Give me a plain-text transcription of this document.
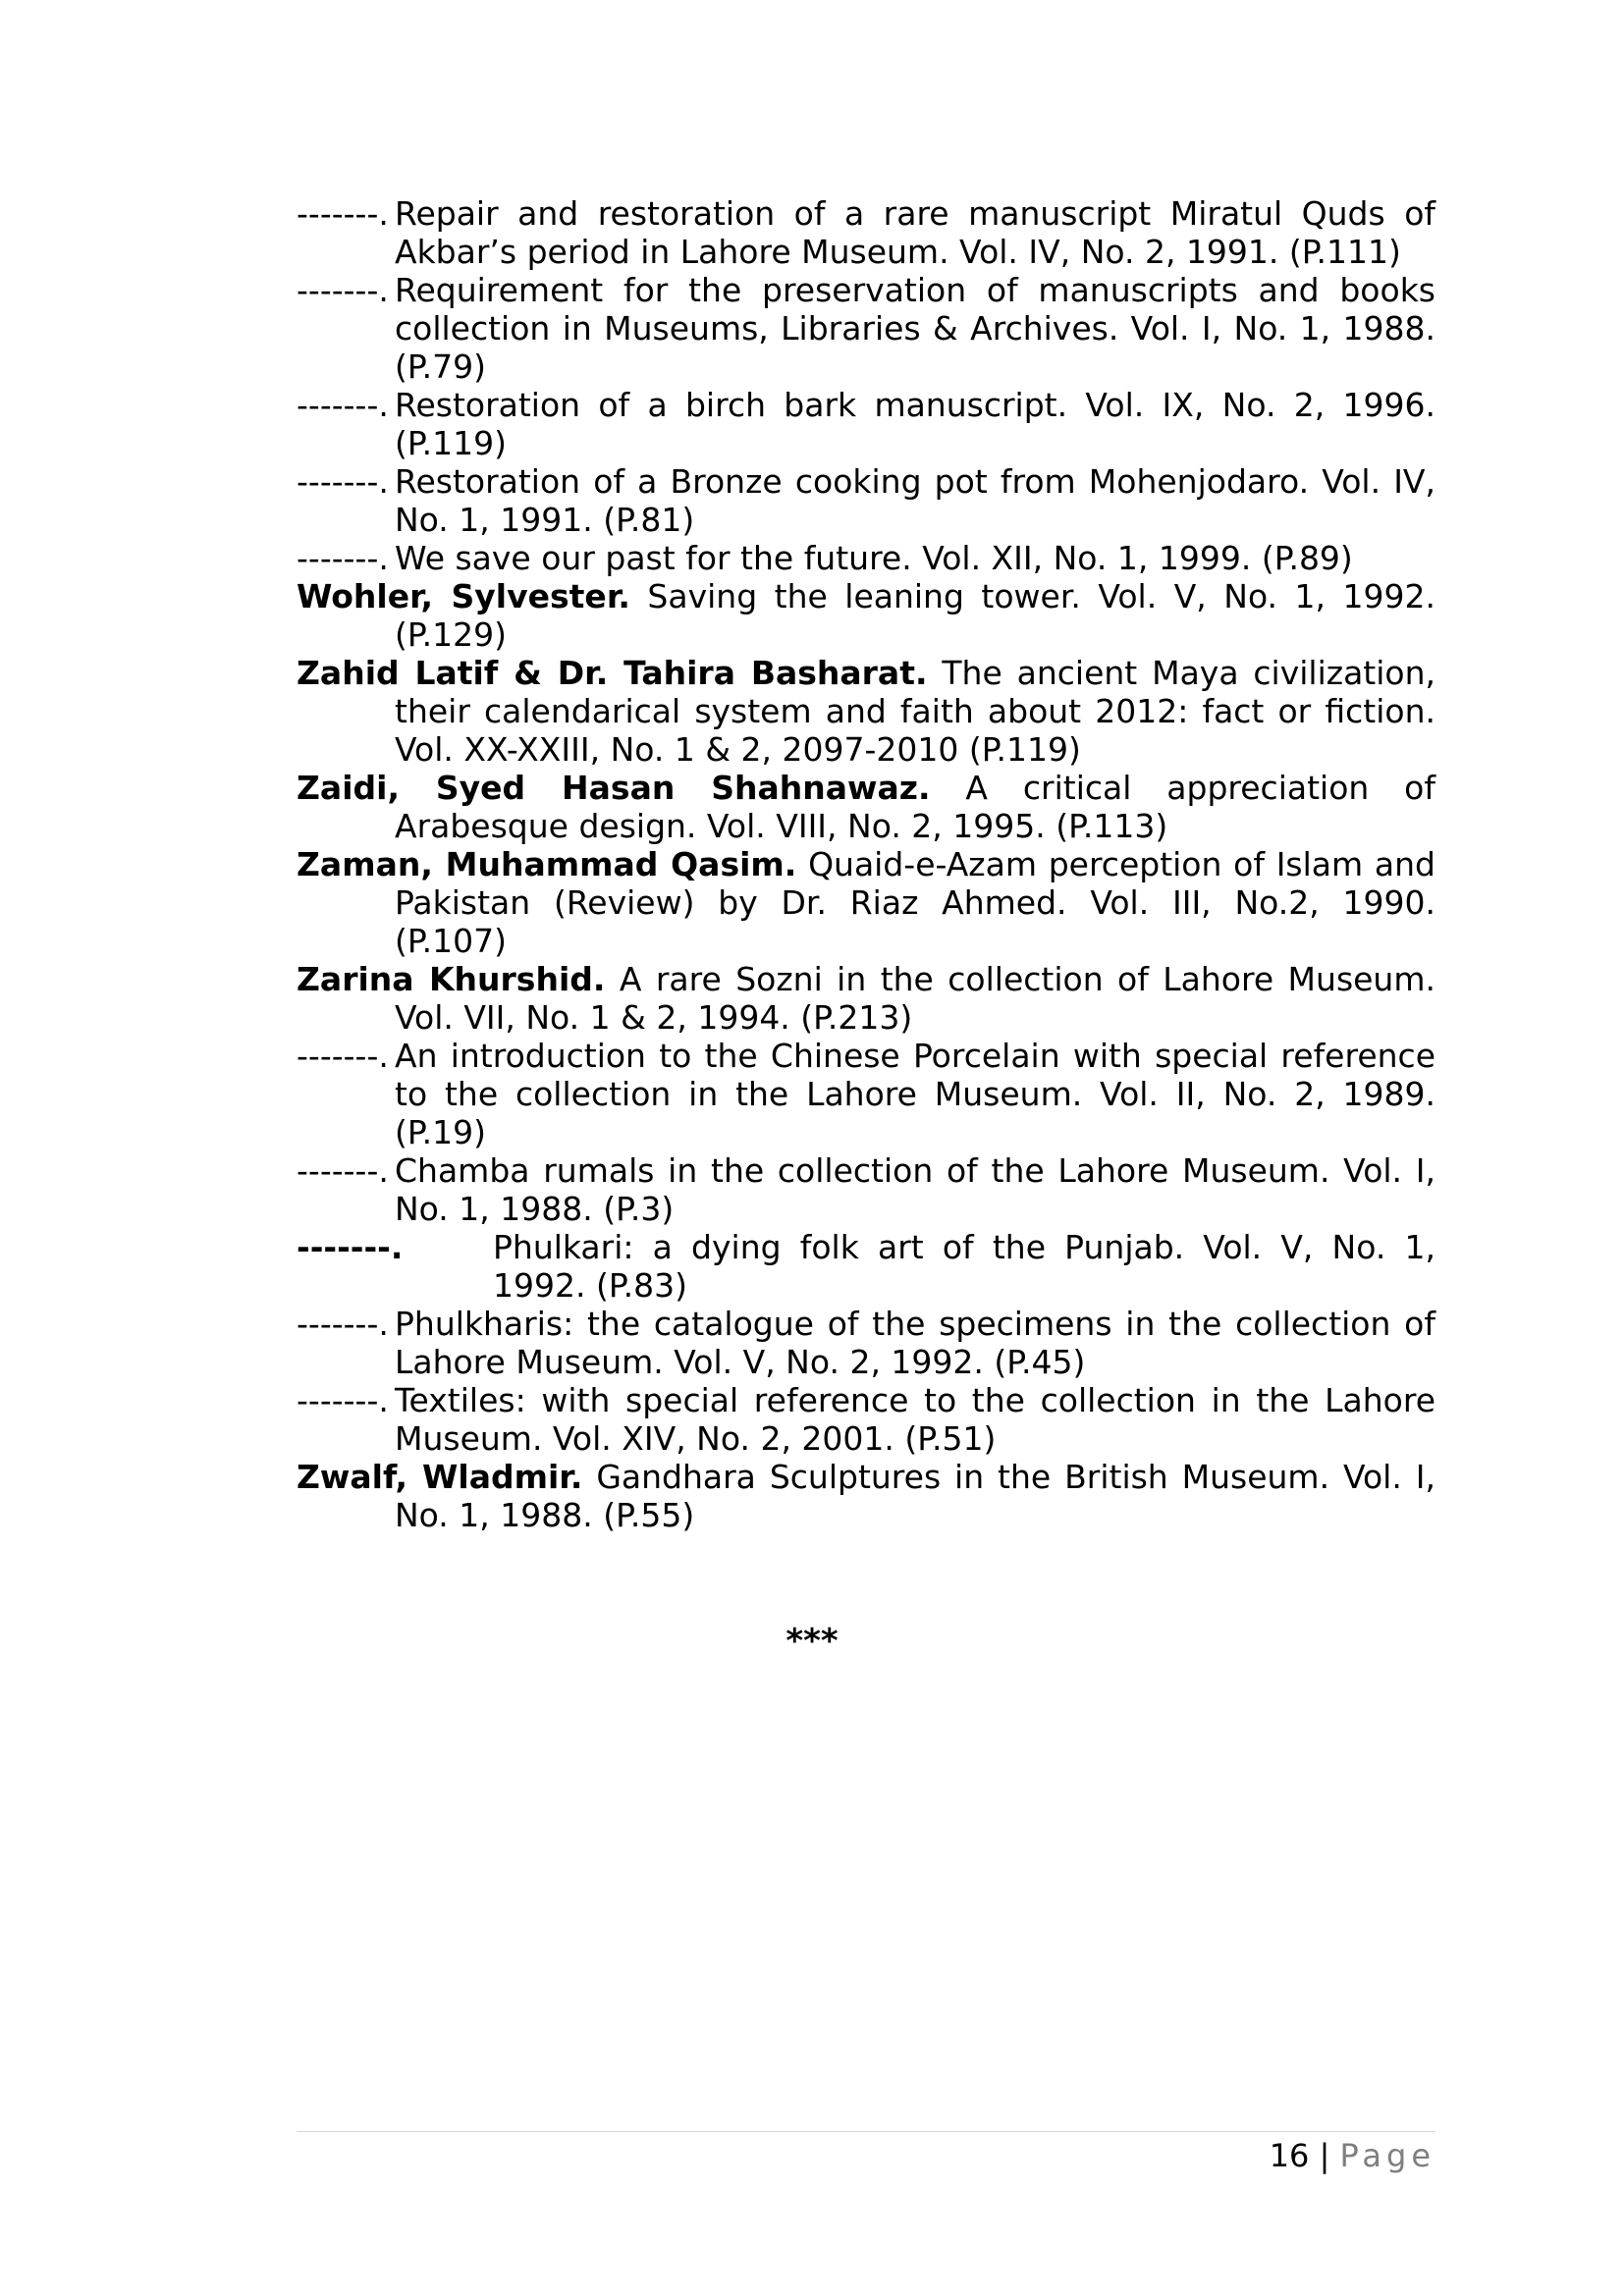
-------. Repair and restoration of a rare manuscript Miratul Quds of Akbar’s period in Lahore Museum. Vol. IV, No. 2, 1991. (P.111)
-------. Requirement for the preservation of manuscripts and books collection in Museums, Libraries & Archives. Vol. I, No. 1, 1988. (P.79)
-------. Restoration of a birch bark manuscript. Vol. IX, No. 2, 1996. (P.119)
-------. Restoration of a Bronze cooking pot from Mohenjodaro. Vol. IV, No. 1, 1991. (P.81)
-------. We save our past for the future. Vol. XII, No. 1, 1999. (P.89)
Wohler, Sylvester. Saving the leaning tower. Vol. V, No. 1, 1992. (P.129)
Zahid Latif & Dr. Tahira Basharat. The ancient Maya civilization, their calendarical system and faith about 2012: fact or fiction. Vol. XX-XXIII, No. 1 & 2, 2097-2010 (P.119)
Zaidi, Syed Hasan Shahnawaz. A critical appreciation of Arabesque design. Vol. VIII, No. 2, 1995. (P.113)
Zaman, Muhammad Qasim. Quaid-e-Azam perception of Islam and Pakistan (Review) by Dr. Riaz Ahmed. Vol. III, No.2, 1990. (P.107)
Zarina Khurshid. A rare Sozni in the collection of Lahore Museum. Vol. VII, No. 1 & 2, 1994. (P.213)
-------. An introduction to the Chinese Porcelain with special reference to the collection in the Lahore Museum. Vol. II, No. 2, 1989. (P.19)
-------. Chamba rumals in the collection of the Lahore Museum. Vol. I, No. 1, 1988. (P.3)
-------.	Phulkari: a dying folk art of the Punjab. Vol. V, No. 1, 1992. (P.83)
-------. Phulkharis: the catalogue of the specimens in the collection of Lahore Museum. Vol. V, No. 2, 1992. (P.45)
-------. Textiles: with special reference to the collection in the Lahore Museum. Vol. XIV, No. 2, 2001. (P.51)
Zwalf, Wladmir. Gandhara Sculptures in the British Museum. Vol. I, No. 1, 1988. (P.55)
***
16 | Page
